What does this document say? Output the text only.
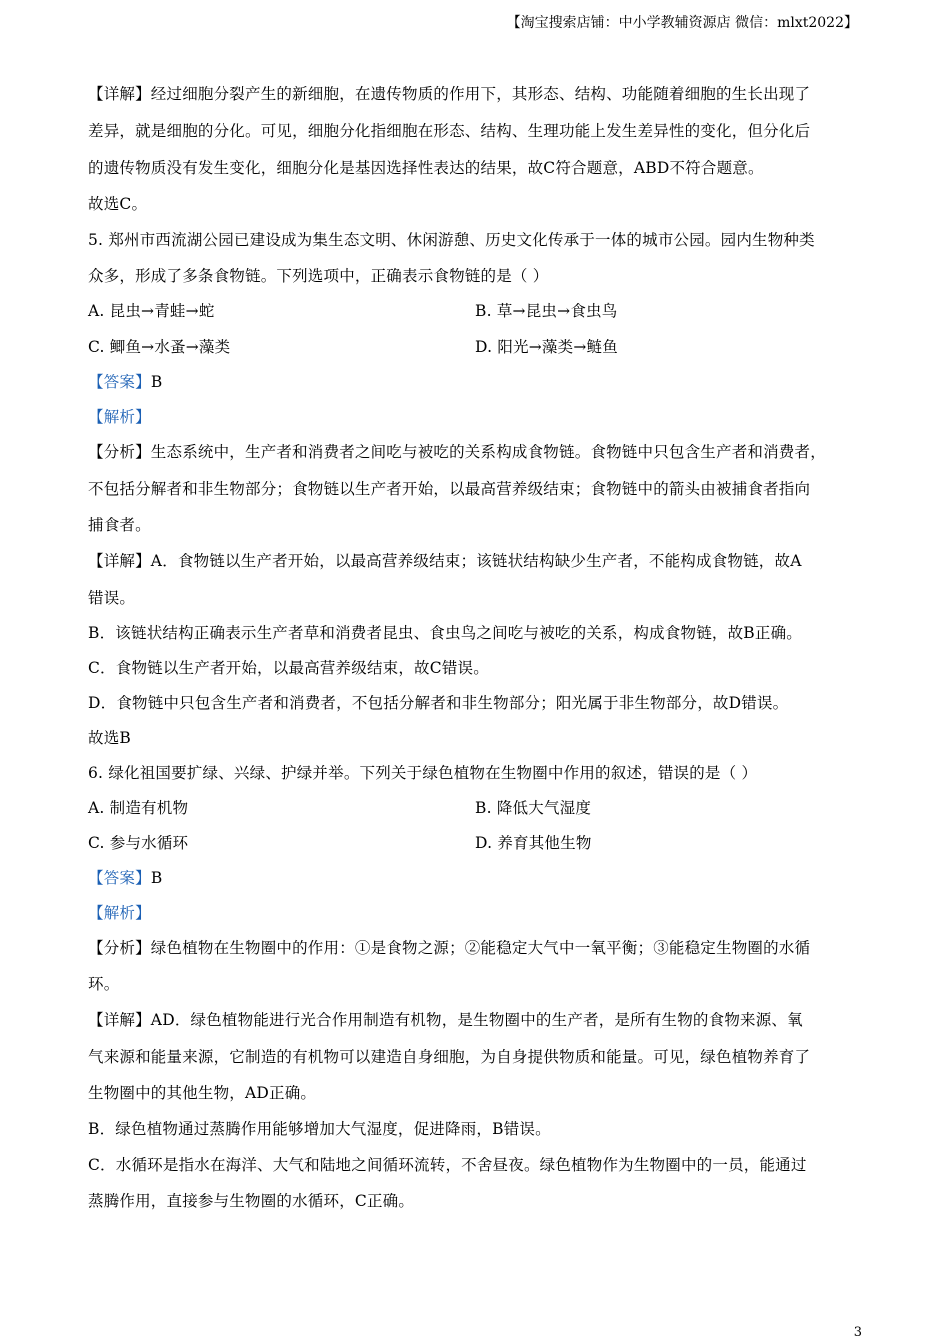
【淘宝搜索店铺：中小学教辅资源店 微信：mlxt2022】
【详解】经过细胞分裂产生的新细胞，在遗传物质的作用下，其形态、结构、功能随着细胞的生长出现了
差异，就是细胞的分化。可见，细胞分化指细胞在形态、结构、生理功能上发生差异性的变化，但分化后
的遗传物质没有发生变化，细胞分化是基因选择性表达的结果，故C符合题意，ABD不符合题意。
故选C。
5. 郑州市西流湖公园已建设成为集生态文明、休闲游憩、历史文化传承于一体的城市公园。园内生物种类
众多，形成了多条食物链。下列选项中，正确表示食物链的是（ ）
A. 昆虫→青蛙→蛇	B. 草→昆虫→食虫鸟
C. 鲫鱼→水蚤→藻类	D. 阳光→藻类→鲢鱼
【答案】B
【解析】
【分析】生态系统中，生产者和消费者之间吃与被吃的关系构成食物链。食物链中只包含生产者和消费者，
不包括分解者和非生物部分；食物链以生产者开始，以最高营养级结束；食物链中的箭头由被捕食者指向
捕食者。
【详解】A．食物链以生产者开始，以最高营养级结束；该链状结构缺少生产者，不能构成食物链，故A
错误。
B．该链状结构正确表示生产者草和消费者昆虫、食虫鸟之间吃与被吃的关系，构成食物链，故B正确。
C．食物链以生产者开始，以最高营养级结束，故C错误。
D．食物链中只包含生产者和消费者，不包括分解者和非生物部分；阳光属于非生物部分，故D错误。
故选B
6. 绿化祖国要扩绿、兴绿、护绿并举。下列关于绿色植物在生物圈中作用的叙述，错误的是（ ）
A. 制造有机物	B. 降低大气湿度
C. 参与水循环	D. 养育其他生物
【答案】B
【解析】
【分析】绿色植物在生物圈中的作用：①是食物之源；②能稳定大气中一氧平衡；③能稳定生物圈的水循
环。
【详解】AD．绿色植物能进行光合作用制造有机物，是生物圈中的生产者，是所有生物的食物来源、氧
气来源和能量来源，它制造的有机物可以建造自身细胞，为自身提供物质和能量。可见，绿色植物养育了
生物圈中的其他生物，AD正确。
B．绿色植物通过蒸腾作用能够增加大气湿度，促进降雨，B错误。
C．水循环是指水在海洋、大气和陆地之间循环流转，不舍昼夜。绿色植物作为生物圈中的一员，能通过
蒸腾作用，直接参与生物圈的水循环，C正确。
3
